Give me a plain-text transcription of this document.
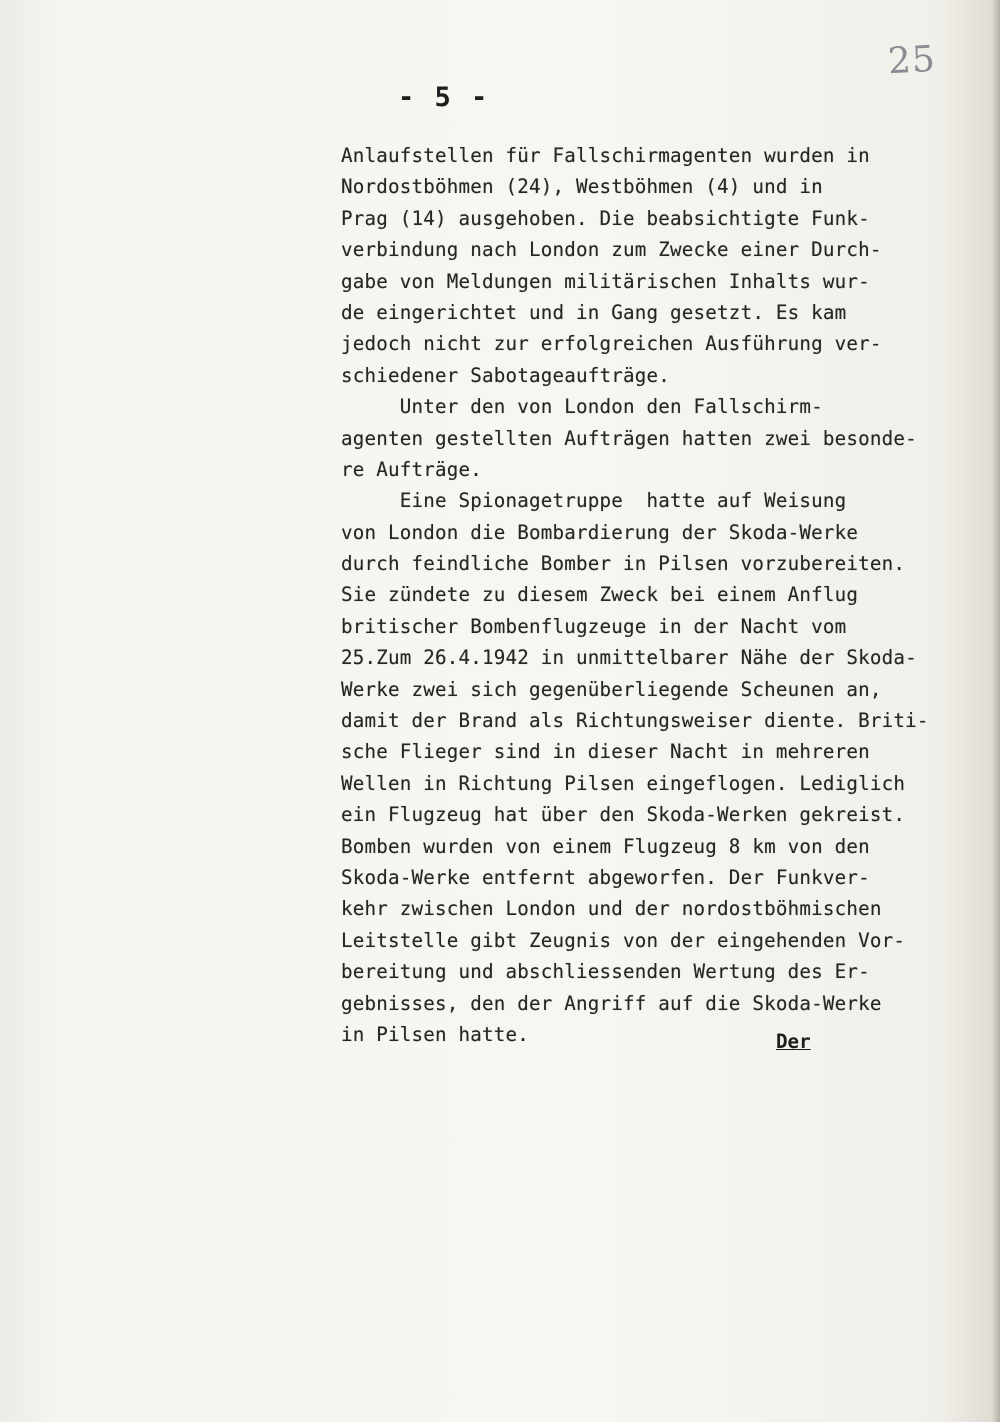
25
- 5 -
Anlaufstellen für Fallschirmagenten wurden in
Nordostböhmen (24), Westböhmen (4) und in
Prag (14) ausgehoben. Die beabsichtigte Funk-
verbindung nach London zum Zwecke einer Durch-
gabe von Meldungen militärischen Inhalts wur-
de eingerichtet und in Gang gesetzt. Es kam
jedoch nicht zur erfolgreichen Ausführung ver-
schiedener Sabotageaufträge.
Unter den von London den Fallschirm-
agenten gestellten Aufträgen hatten zwei besonde-
re Aufträge.
Eine Spionagetruppe  hatte auf Weisung
von London die Bombardierung der Skoda-Werke
durch feindliche Bomber in Pilsen vorzubereiten.
Sie zündete zu diesem Zweck bei einem Anflug
britischer Bombenflugzeuge in der Nacht vom
25.Zum 26.4.1942 in unmittelbarer Nähe der Skoda-
Werke zwei sich gegenüberliegende Scheunen an,
damit der Brand als Richtungsweiser diente. Briti-
sche Flieger sind in dieser Nacht in mehreren
Wellen in Richtung Pilsen eingeflogen. Lediglich
ein Flugzeug hat über den Skoda-Werken gekreist.
Bomben wurden von einem Flugzeug 8 km von den
Skoda-Werke entfernt abgeworfen. Der Funkver-
kehr zwischen London und der nordostböhmischen
Leitstelle gibt Zeugnis von der eingehenden Vor-
bereitung und abschliessenden Wertung des Er-
gebnisses, den der Angriff auf die Skoda-Werke
in Pilsen hatte.	Der
